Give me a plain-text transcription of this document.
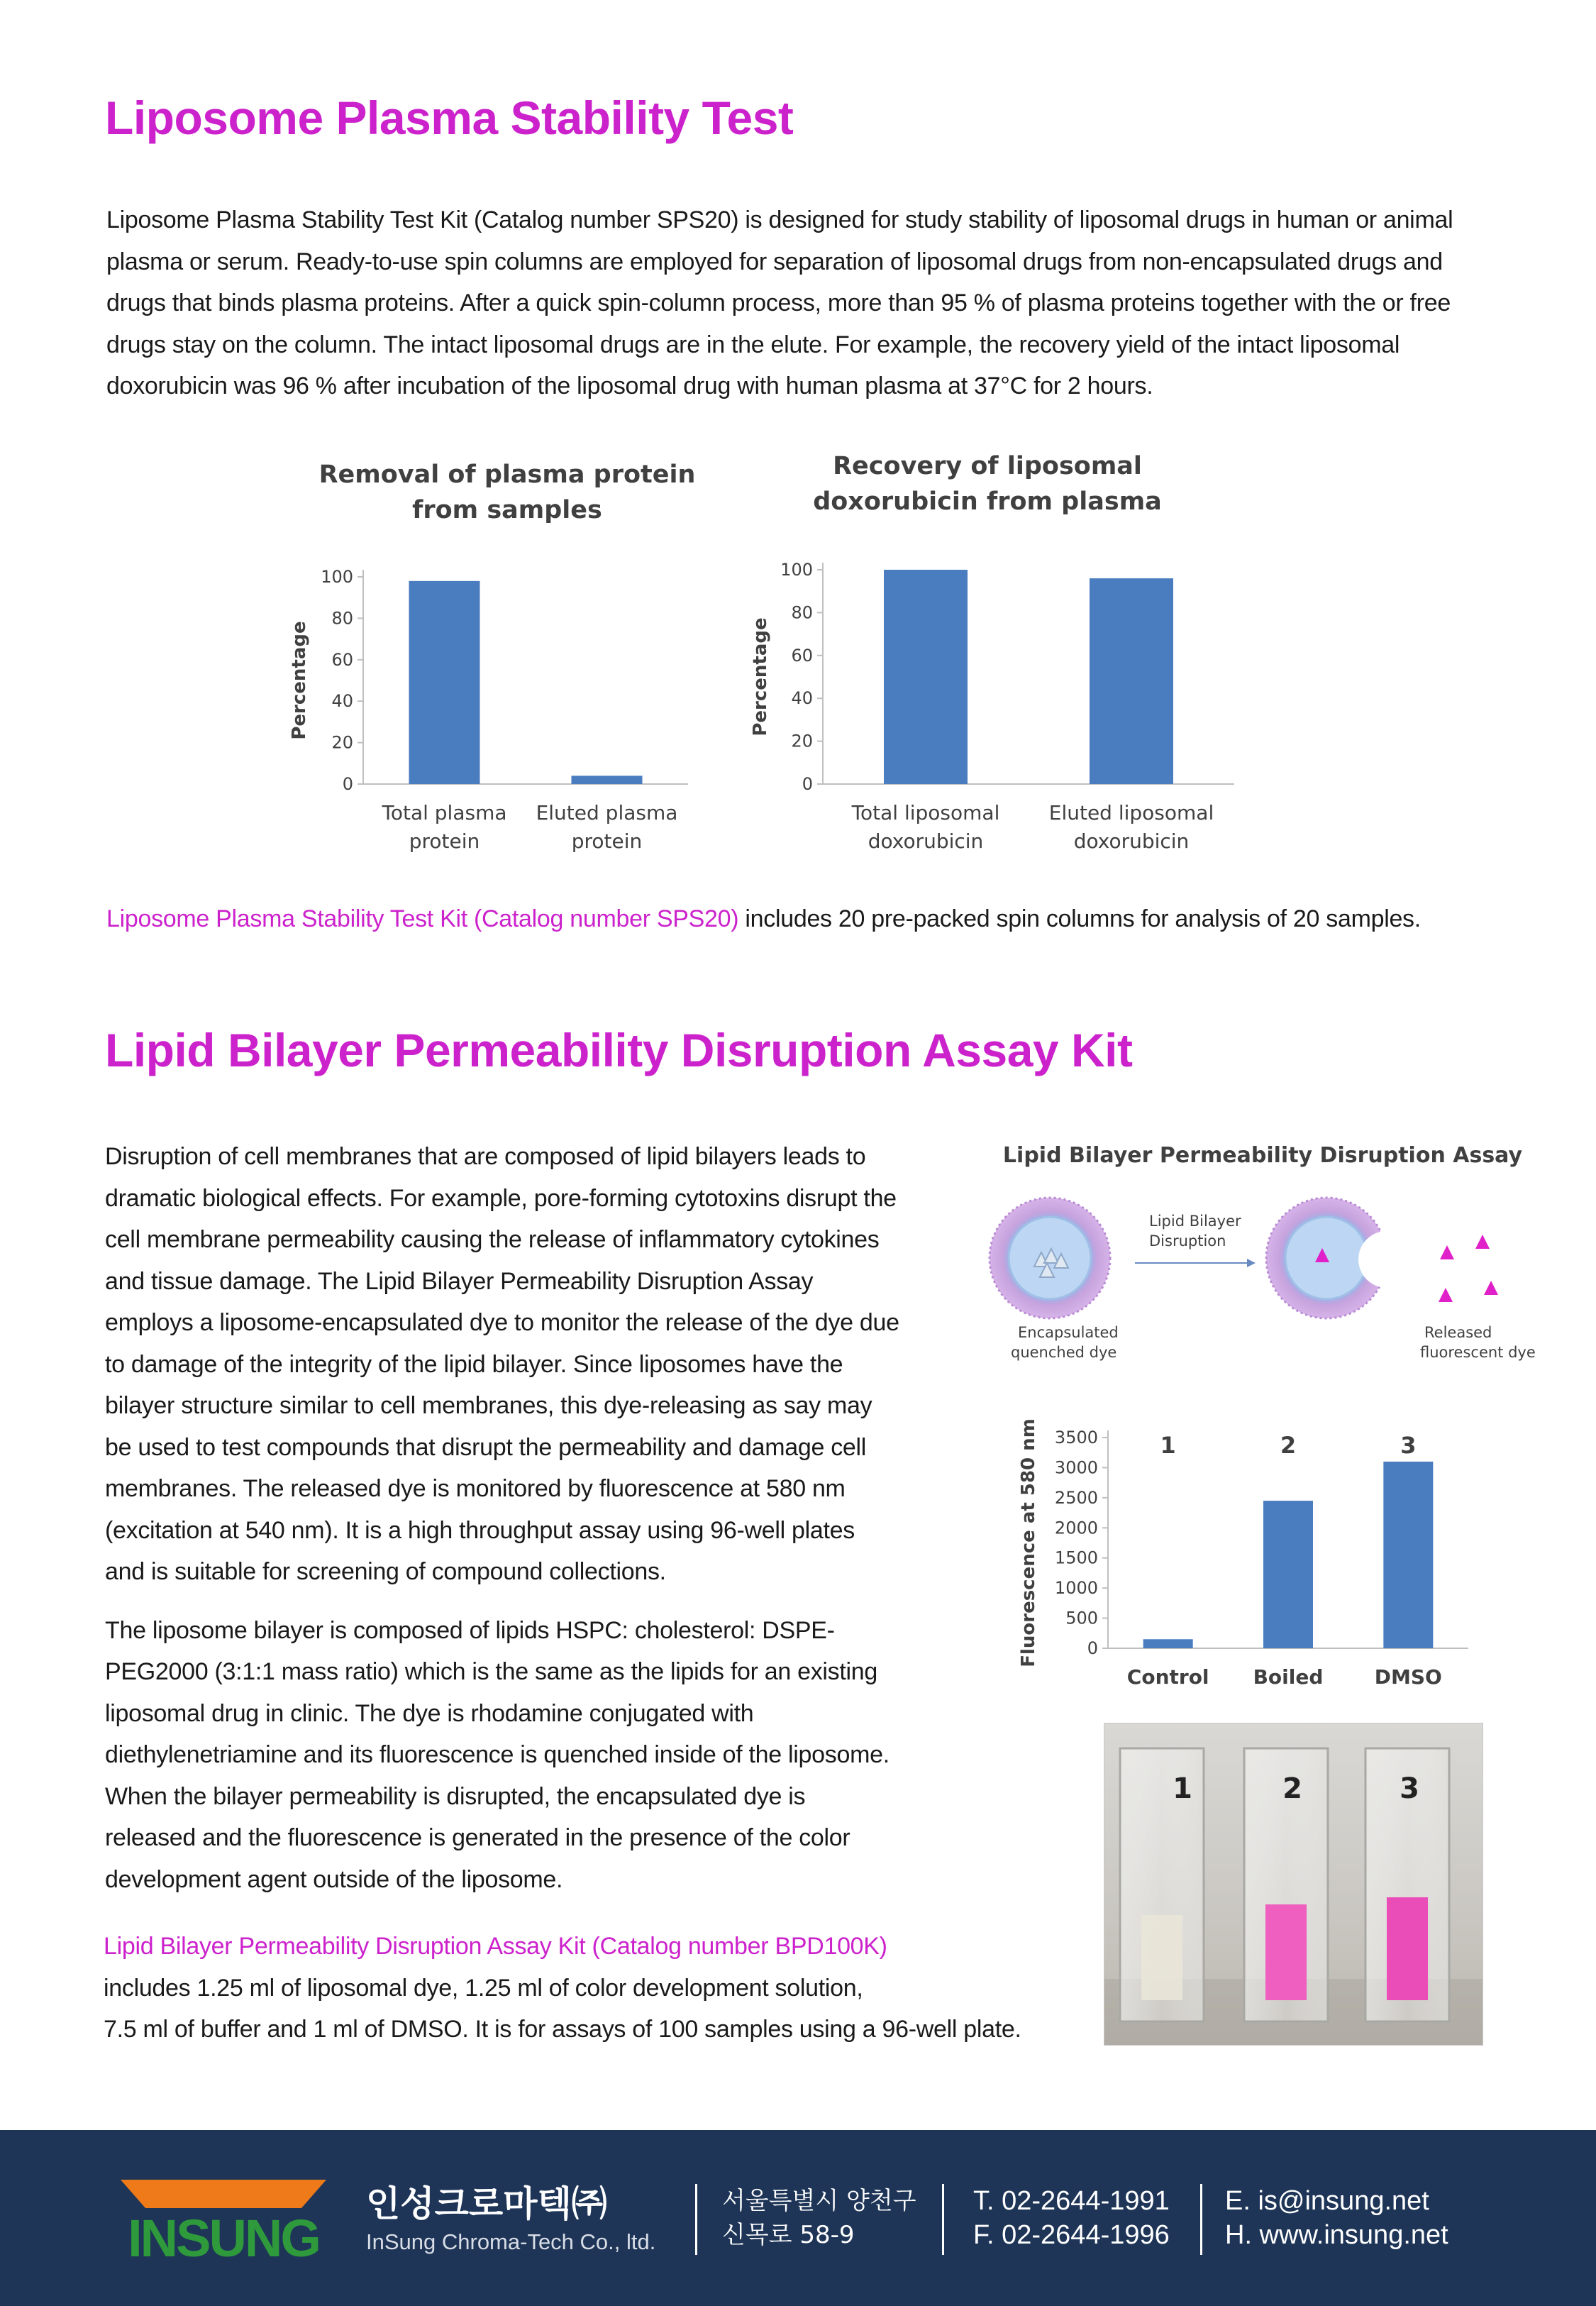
Liposome Plasma Stability Test
Liposome Plasma Stability Test Kit (Catalog number SPS20) is designed for study stability of liposomal drugs in human or animal plasma or serum. Ready-to-use spin columns are employed for separation of liposomal drugs from non-encapsulated drugs and drugs that binds plasma proteins. After a quick spin-column process, more than 95 % of plasma proteins together with the or free drugs stay on the column. The intact liposomal drugs are in the elute. For example, the recovery yield of the intact liposomal doxorubicin was 96 % after incubation of the liposomal drug with human plasma at 37°C for 2 hours.
Removal of plasma protein
from samples
0
20
40
60
80
100
Percentage
Total plasma
protein
Eluted plasma
protein
Recovery of liposomal
doxorubicin from plasma
0
20
40
60
80
100
Percentage
Total liposomal
doxorubicin
Eluted liposomal
doxorubicin
Liposome Plasma Stability Test Kit (Catalog number SPS20) includes 20 pre-packed spin columns for analysis of 20 samples.
Lipid Bilayer Permeability Disruption Assay Kit

Disruption of cell membranes that are composed of lipid bilayers leads to dramatic biological effects. For example, pore-forming cytotoxins disrupt the cell membrane permeability causing the release of inflammatory cytokines and tissue damage. The Lipid Bilayer Permeability Disruption Assay employs a liposome-encapsulated dye to monitor the release of the dye due to damage of the integrity of the lipid bilayer. Since liposomes have the bilayer structure similar to cell membranes, this dye-releasing as say may be used to test compounds that disrupt the permeability and damage cell membranes. The released dye is monitored by fluorescence at 580 nm (excitation at 540 nm). It is a high throughput assay using 96-well plates and is suitable for screening of compound collections.

The liposome bilayer is composed of lipids HSPC: cholesterol: DSPE-PEG2000 (3:1:1 mass ratio) which is the same as the lipids for an existing liposomal drug in clinic. The dye is rhodamine conjugated with diethylenetriamine and its fluorescence is quenched inside of the liposome. When the bilayer permeability is disrupted, the encapsulated dye is released and the fluorescence is generated in the presence of the color development agent outside of the liposome.

Lipid Bilayer Permeability Disruption Assay Kit (Catalog number BPD100K)
includes 1.25 ml of liposomal dye, 1.25 ml of color development solution,
7.5 ml of buffer and 1 ml of DMSO. It is for assays of 100 samples using a 96-well plate.
Lipid Bilayer Permeability Disruption Assay
Lipid Bilayer
Disruption
Encapsulated
quenched dye
Released
fluorescent dye
0
500
1000
1500
2000
2500
3000
3500
Fluorescence at 580 nm
Control
1
Boiled
2
DMSO
3
1	2	3
INSUNG
인성크로마텍㈜
InSung Chroma-Tech Co., ltd.
서울특별시 양천구
신목로 58-9
T. 02-2644-1991
F. 02-2644-1996
E. is@insung.net
H. www.insung.net
